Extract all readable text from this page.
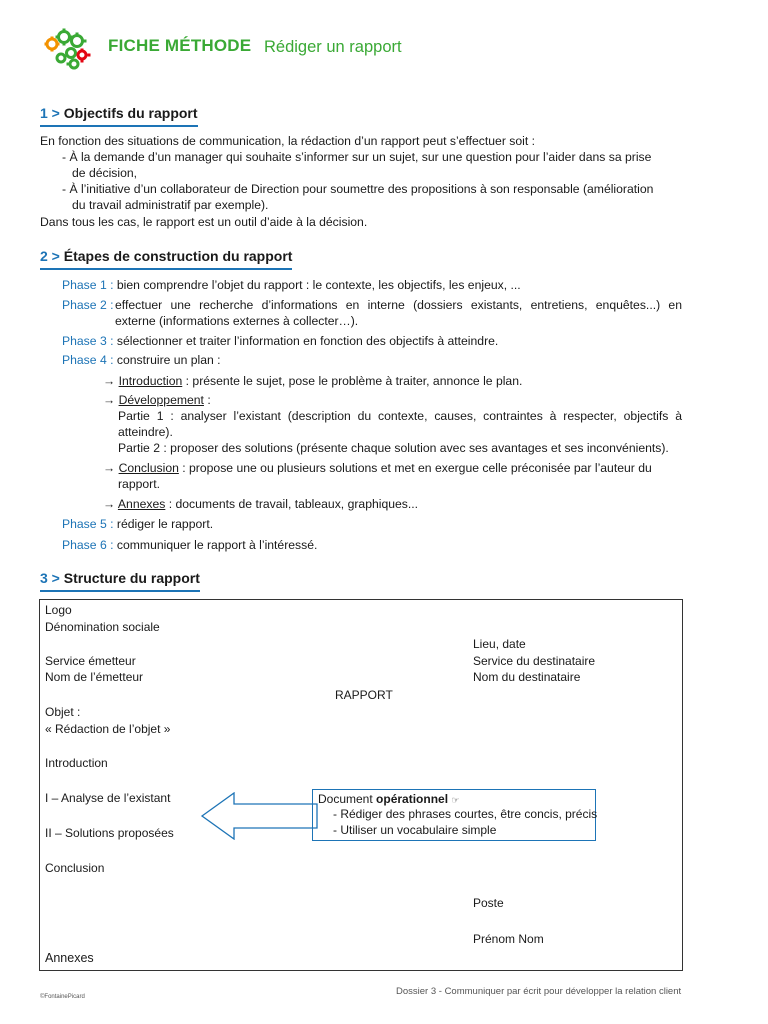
FICHE MÉTHODE Rédiger un rapport
1 > Objectifs du rapport
En fonction des situations de communication, la rédaction d’un rapport peut s’effectuer soit :
- À la demande d’un manager qui souhaite s’informer sur un sujet, sur une question pour l’aider dans sa prise
de décision,
- À l’initiative d’un collaborateur de Direction pour soumettre des propositions à son responsable (amélioration
du travail administratif par exemple).
Dans tous les cas, le rapport est un outil d’aide à la décision.
2 > Étapes de construction du rapport
Phase 1 : bien comprendre l’objet du rapport : le contexte, les objectifs, les enjeux, ...
Phase 2 : effectuer une recherche d’informations en interne (dossiers existants, entretiens, enquêtes...) en
externe (informations externes à collecter…).
Phase 3 : sélectionner et traiter l’information en fonction des objectifs à atteindre.
Phase 4 : construire un plan :
→ Introduction : présente le sujet, pose le problème à traiter, annonce le plan.
→ Développement :
Partie 1 : analyser l’existant (description du contexte, causes, contraintes à respecter, objectifs à
atteindre).
Partie 2 : proposer des solutions (présente chaque solution avec ses avantages et ses inconvénients).
→ Conclusion : propose une ou plusieurs solutions et met en exergue celle préconisée par l’auteur du
rapport.
→ Annexes : documents de travail, tableaux, graphiques...
Phase 5 : rédiger le rapport.
Phase 6 : communiquer le rapport à l’intéressé.
3 > Structure du rapport
Logo
Dénomination sociale
Lieu, date
Service émetteur	Service du destinataire
Nom de l’émetteur	Nom du destinataire
RAPPORT
Objet :
« Rédaction de l’objet »
Introduction
I – Analyse de l’existant
II – Solutions proposées
Conclusion
Poste
Prénom Nom
Annexes
Document opérationnel ☞
- Rédiger des phrases courtes, être concis, précis
- Utiliser un vocabulaire simple
©FontainePicard	Dossier 3 - Communiquer par écrit pour développer la relation client
